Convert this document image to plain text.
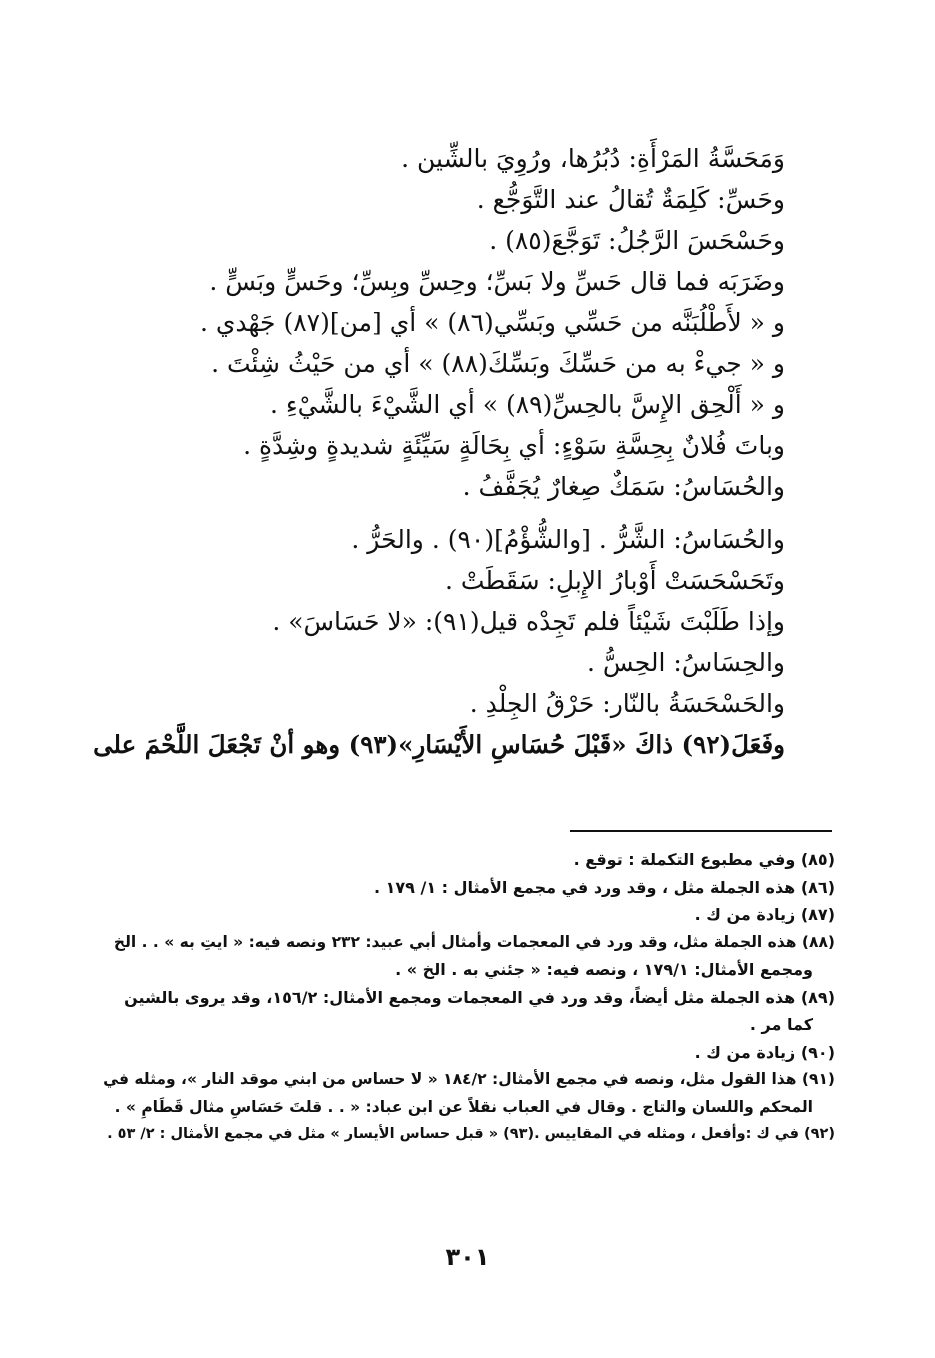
وَمَحَسَّةُ المَرْأَةِ: دُبُرُها، ورُوِيَ بالشِّين .
وحَسِّ: كَلِمَةٌ تُقالُ عند التَّوَجُّع .
وحَسْحَسَ الرَّجُلُ: تَوَجَّعَ(٨٥) .
وضَرَبَه فما قال حَسِّ ولا بَسِّ؛ وحِسِّ وبِسِّ؛ وحَسٍّ وبَسٍّ .
و « لأَطْلُبَنَّه من حَسِّي وبَسِّي(٨٦) » أي [من](٨٧) جَهْدي .
و « جيءْ به من حَسِّكَ وبَسِّكَ(٨٨) » أي من حَيْثُ شِئْتَ .
و « أَلْحِق الإِسَّ بالحِسِّ(٨٩) » أي الشَّيْءَ بالشَّيْءِ .
وباتَ فُلانٌ بِحِسَّةِ سَوْءٍ: أي بِحَالَةٍ سَيِّئَةٍ شديدةٍ وشِدَّةٍ .
والحُسَاسُ: سَمَكٌ صِغارٌ يُجَفَّفُ .
والحُسَاسُ: الشَّرُّ . [والشُّؤْمُ](٩٠) . والحَرُّ .
وتَحَسْحَسَتْ أَوْبارُ الإِبلِ: سَقَطَتْ .
وإذا طَلَبْتَ شَيْئاً فلم تَجِدْه قيل(٩١): «لا حَسَاسَ» .
والحِسَاسُ: الحِسُّ .
والحَسْحَسَةُ بالنّار: حَرْقُ الجِلْدِ .
وفَعَلَ(٩٢) ذاكَ «قَبْلَ حُسَاسِ الأَيْسَارِ»(٩٣) وهو أنْ تَجْعَلَ اللَّحْمَ على
(٨٥) وفي مطبوع التكملة : توقع .
(٨٦) هذه الجملة مثل ، وقد ورد في مجمع الأمثال : ١/ ١٧٩ .
(٨٧) زيادة من ك .
(٨٨) هذه الجملة مثل، وقد ورد في المعجمات وأمثال أبي عبيد: ٢٣٢ ونصه فيه: « ايتِ به » . . الخ
ومجمع الأمثال: ١٧٩/١ ، ونصه فيه: « جئني به . الخ » .
(٨٩) هذه الجملة مثل أيضاً، وقد ورد في المعجمات ومجمع الأمثال: ١٥٦/٢، وقد يروى بالشين
كما مر .
(٩٠) زيادة من ك .
(٩١) هذا القول مثل، ونصه في مجمع الأمثال: ١٨٤/٢ « لا حساس من ابني موقد النار »، ومثله في
المحكم واللسان والتاج . وقال في العباب نقلاً عن ابن عباد: « . . قلتَ حَسَاسِ مثال قَطَامِ » .
(٩٢) في ك :وأفعل ، ومثله في المقاييس .(٩٣) « قبل حساس الأيسار » مثل في مجمع الأمثال : ٢/ ٥٣ .
٣٠١
